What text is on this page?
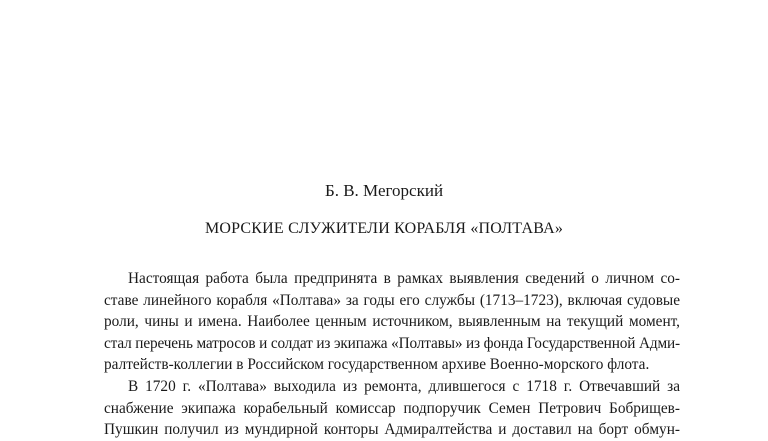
Б. В. Мегорский
МОРСКИЕ СЛУЖИТЕЛИ КОРАБЛЯ «ПОЛТАВА»
Настоящая работа была предпринята в рамках выявления сведений о личном со-
ставе линейного корабля «Полтава» за годы его службы (1713–1723), включая судовые
роли, чины и имена. Наиболее ценным источником, выявленным на текущий момент,
стал перечень матросов и солдат из экипажа «Полтавы» из фонда Государственной Адми-
ралтейств-коллегии в Российском государственном архиве Военно-морского флота.
В 1720 г. «Полтава» выходила из ремонта, длившегося с 1718 г. Отвечавший за
снабжение экипажа корабельный комиссар подпоручик Семен Петрович Бобрищев-
Пушкин получил из мундирной конторы Адмиралтейства и доставил на борт обмун-
